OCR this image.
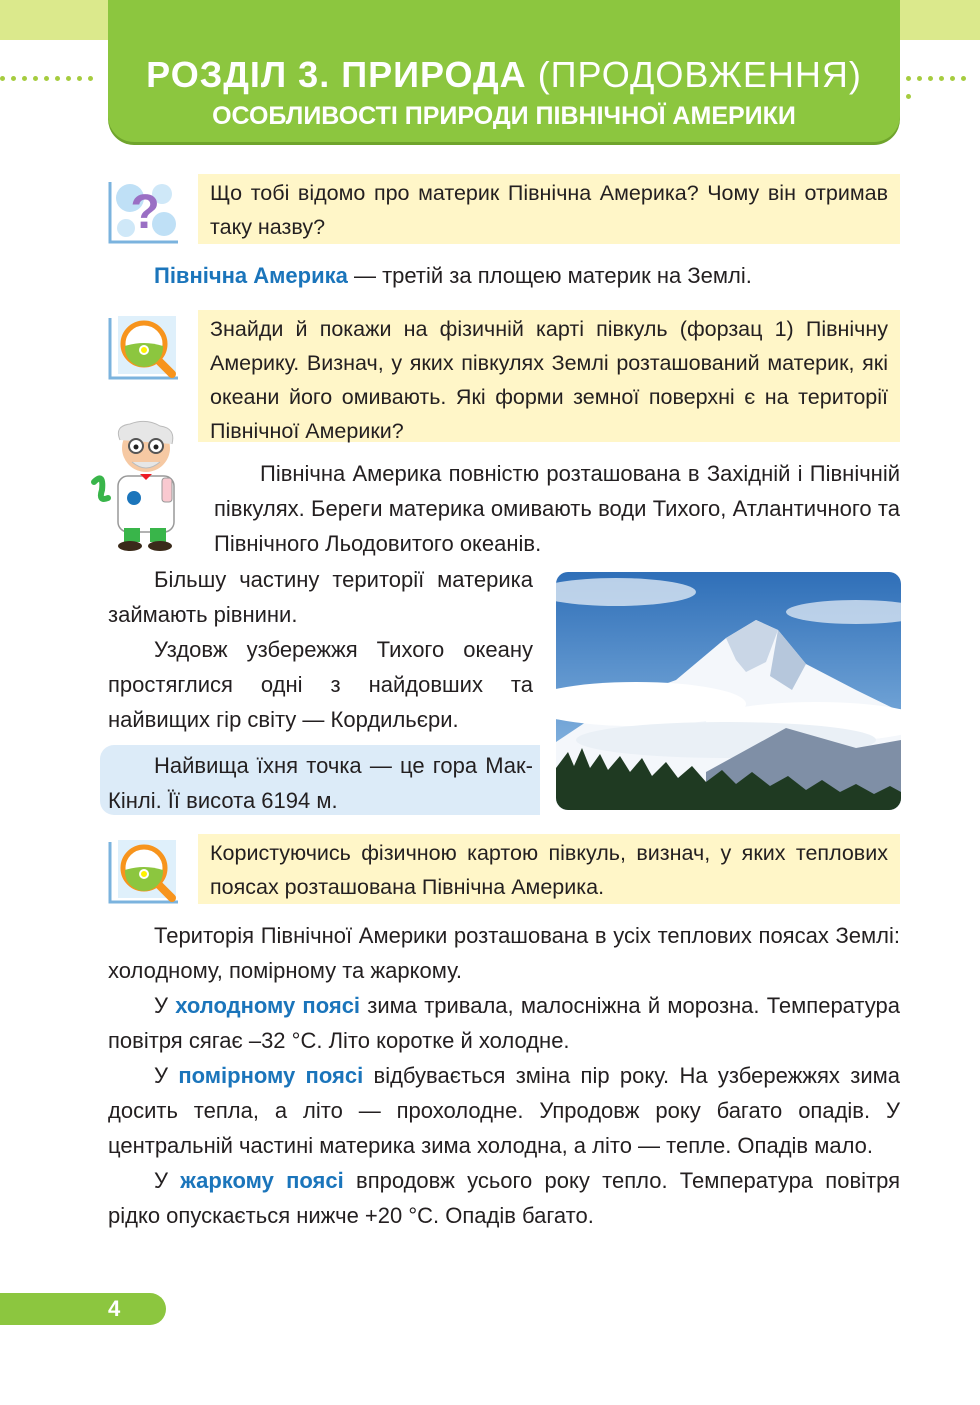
РОЗДІЛ 3. ПРИРОДА (ПРОДОВЖЕННЯ)
ОСОБЛИВОСТІ ПРИРОДИ ПІВНІЧНОЇ АМЕРИКИ
?	Що тобі відомо про материк Північна Америка? Чому він отримав таку назву?

Північна Америка — третій за площею материк на Землі.

Знайди й покажи на фізичній карті півкуль (форзац 1) Північну Америку. Визнач, у яких півкулях Землі розташований материк, які океани його омивають. Які форми земної поверхні є на території Північної Америки?

Північна Америка повністю розташована в Західній і Північній півкулях. Береги материка омивають води Тихого, Атлантичного та Північного Льодовитого океанів.

Більшу частину території материка займають рівнини.

Уздовж узбережжя Тихого океану простяглися одні з найдовших та найвищих гір світу — Кордильєри.

Найвища їхня точка — це гора Мак-Кінлі. Її висота 6194 м.

Користуючись фізичною картою півкуль, визнач, у яких теплових поясах розташована Північна Америка.

Територія Північної Америки розташована в усіх теплових поясах Землі: холодному, помірному та жаркому.

У холодному поясі зима тривала, малосніжна й морозна. Температура повітря сягає –32 °С. Літо коротке й холодне.

У помірному поясі відбувається зміна пір року. На узбережжях зима досить тепла, а літо — прохолодне. Упродовж року багато опадів. У центральній частині материка зима холодна, а літо — тепле. Опадів мало.

У жаркому поясі впродовж усього року тепло. Температура повітря рідко опускається нижче +20 °С. Опадів багато.

4
